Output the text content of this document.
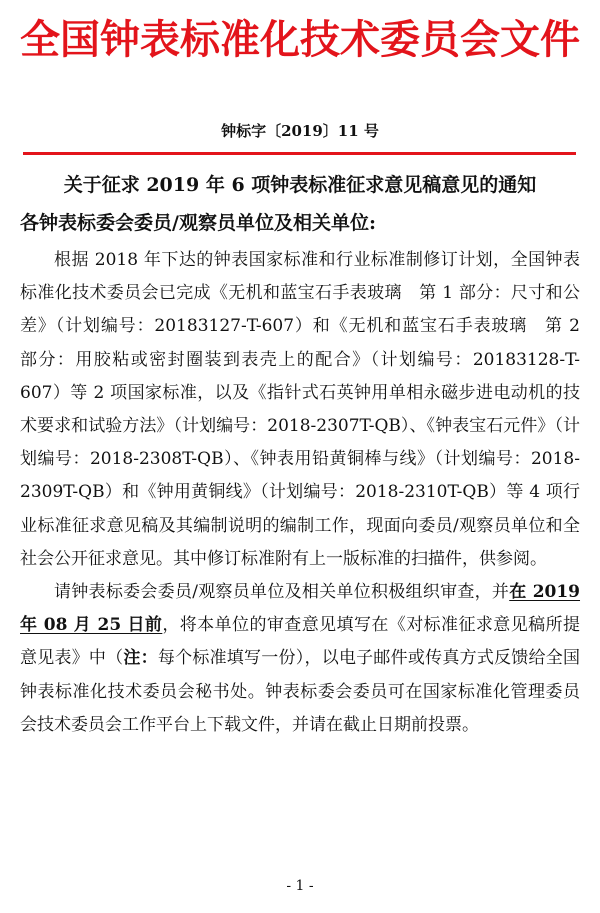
全国钟表标准化技术委员会文件
钟标字〔2019〕11 号
关于征求 2019 年 6 项钟表标准征求意见稿意见的通知
各钟表标委会委员/观察员单位及相关单位:

根据 2018 年下达的钟表国家标准和行业标准制修订计划，全国钟表标准化技术委员会已完成《无机和蓝宝石手表玻璃　第 1 部分：尺寸和公差》（计划编号：20183127-T-607）和《无机和蓝宝石手表玻璃　第 2 部分：用胶粘或密封圈装到表壳上的配合》（计划编号：20183128-T-607）等 2 项国家标准，以及《指针式石英钟用单相永磁步进电动机的技术要求和试验方法》（计划编号：2018-2307T-QB）、《钟表宝石元件》（计划编号：2018-2308T-QB）、《钟表用铅黄铜棒与线》（计划编号：2018-2309T-QB）和《钟用黄铜线》（计划编号：2018-2310T-QB）等 4 项行业标准征求意见稿及其编制说明的编制工作，现面向委员/观察员单位和全社会公开征求意见。其中修订标准附有上一版标准的扫描件，供参阅。

请钟表标委会委员/观察员单位及相关单位积极组织审查，并在 2019 年 08 月 25 日前，将本单位的审查意见填写在《对标准征求意见稿所提意见表》中（注：每个标准填写一份），以电子邮件或传真方式反馈给全国钟表标准化技术委员会秘书处。钟表标委会委员可在国家标准化管理委员会技术委员会工作平台上下载文件，并请在截止日期前投票。

- 1 -
